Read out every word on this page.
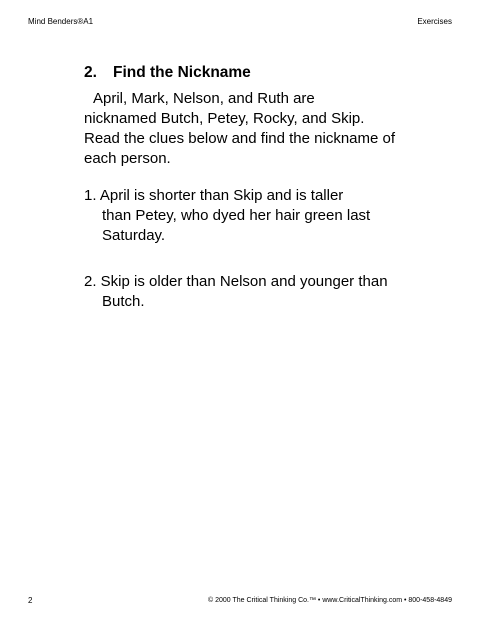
Mind Benders®A1	Exercises
2. Find the Nickname
April, Mark, Nelson, and Ruth are
nicknamed Butch, Petey, Rocky, and Skip.
Read the clues below and find the nickname of
each person.
1. April is shorter than Skip and is taller
than Petey, who dyed her hair green last
Saturday.
2. Skip is older than Nelson and younger than
Butch.
2	© 2000 The Critical Thinking Co.™ • www.CriticalThinking.com • 800-458-4849
